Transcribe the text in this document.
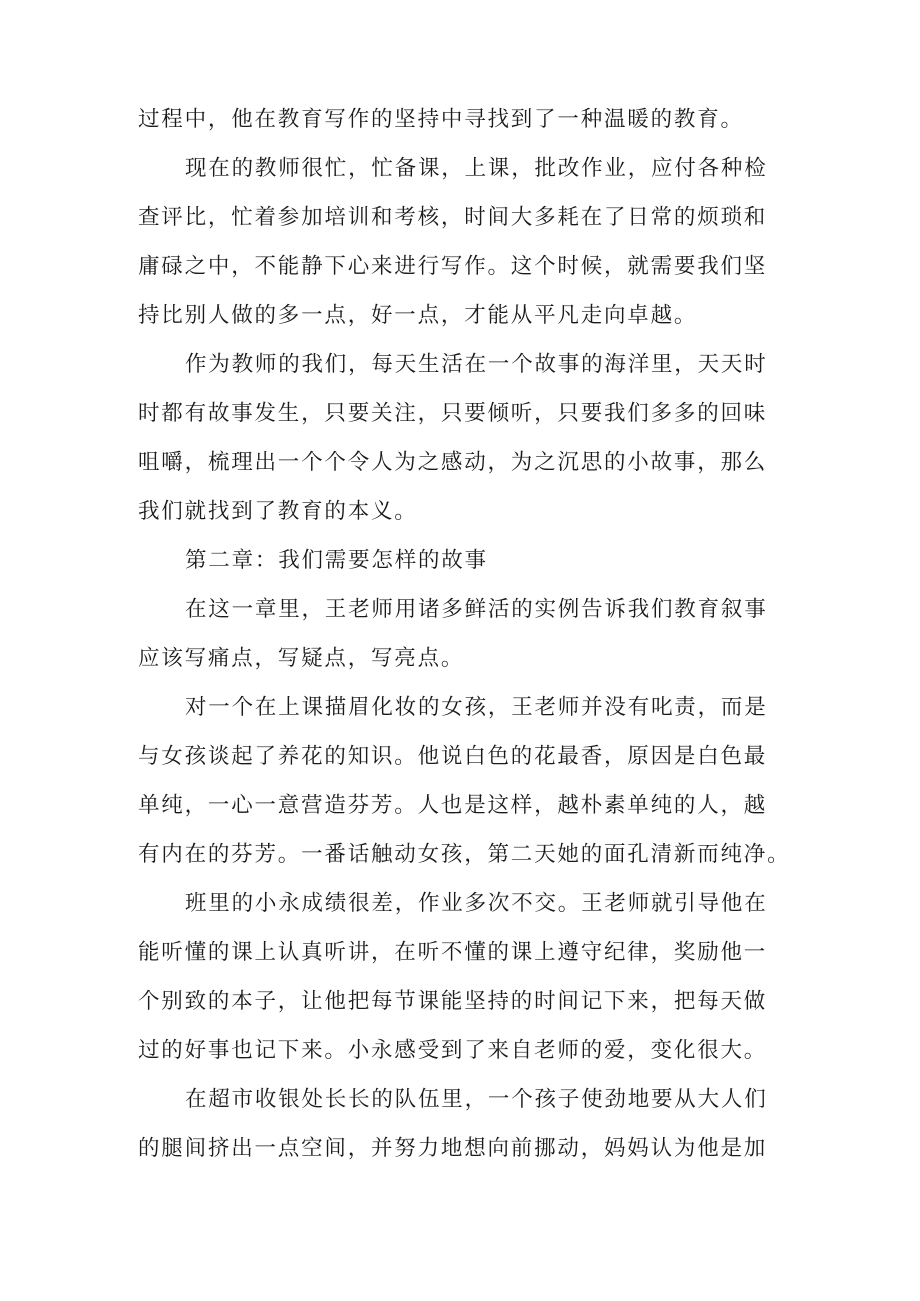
过程中，他在教育写作的坚持中寻找到了一种温暖的教育。

现在的教师很忙，忙备课，上课，批改作业，应付各种检

查评比，忙着参加培训和考核，时间大多耗在了日常的烦琐和

庸碌之中，不能静下心来进行写作。这个时候，就需要我们坚

持比别人做的多一点，好一点，才能从平凡走向卓越。

作为教师的我们，每天生活在一个故事的海洋里，天天时

时都有故事发生，只要关注，只要倾听，只要我们多多的回味

咀嚼，梳理出一个个令人为之感动，为之沉思的小故事，那么

我们就找到了教育的本义。

第二章：我们需要怎样的故事

在这一章里，王老师用诸多鲜活的实例告诉我们教育叙事

应该写痛点，写疑点，写亮点。

对一个在上课描眉化妆的女孩，王老师并没有叱责，而是

与女孩谈起了养花的知识。他说白色的花最香，原因是白色最

单纯，一心一意营造芬芳。人也是这样，越朴素单纯的人，越

有内在的芬芳。一番话触动女孩，第二天她的面孔清新而纯净。

班里的小永成绩很差，作业多次不交。王老师就引导他在

能听懂的课上认真听讲，在听不懂的课上遵守纪律，奖励他一

个别致的本子，让他把每节课能坚持的时间记下来，把每天做

过的好事也记下来。小永感受到了来自老师的爱，变化很大。

在超市收银处长长的队伍里，一个孩子使劲地要从大人们

的腿间挤出一点空间，并努力地想向前挪动，妈妈认为他是加
